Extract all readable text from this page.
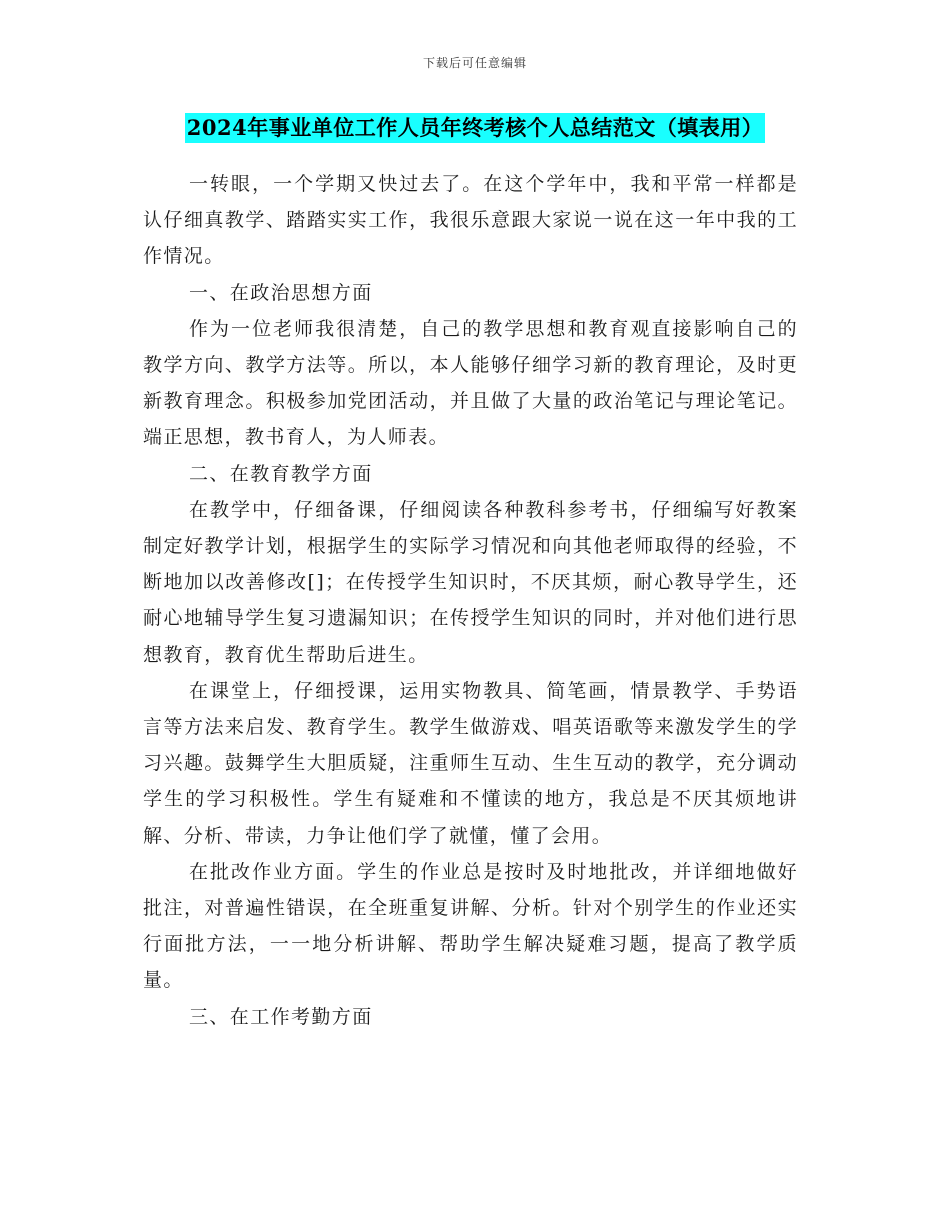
下载后可任意编辑
2024年事业单位工作人员年终考核个人总结范文（填表用）

一转眼，一个学期又快过去了。在这个学年中，我和平常一样都是认仔细真教学、踏踏实实工作，我很乐意跟大家说一说在这一年中我的工作情况。

一、在政治思想方面

作为一位老师我很清楚，自己的教学思想和教育观直接影响自己的教学方向、教学方法等。所以，本人能够仔细学习新的教育理论，及时更新教育理念。积极参加党团活动，并且做了大量的政治笔记与理论笔记。端正思想，教书育人，为人师表。

二、在教育教学方面

在教学中，仔细备课，仔细阅读各种教科参考书，仔细编写好教案制定好教学计划，根据学生的实际学习情况和向其他老师取得的经验，不断地加以改善修改[]；在传授学生知识时，不厌其烦，耐心教导学生，还耐心地辅导学生复习遗漏知识；在传授学生知识的同时，并对他们进行思想教育，教育优生帮助后进生。

在课堂上，仔细授课，运用实物教具、简笔画，情景教学、手势语言等方法来启发、教育学生。教学生做游戏、唱英语歌等来激发学生的学习兴趣。鼓舞学生大胆质疑，注重师生互动、生生互动的教学，充分调动学生的学习积极性。学生有疑难和不懂读的地方，我总是不厌其烦地讲解、分析、带读，力争让他们学了就懂，懂了会用。

在批改作业方面。学生的作业总是按时及时地批改，并详细地做好批注，对普遍性错误，在全班重复讲解、分析。针对个别学生的作业还实行面批方法，一一地分析讲解、帮助学生解决疑难习题，提高了教学质量。

三、在工作考勤方面
